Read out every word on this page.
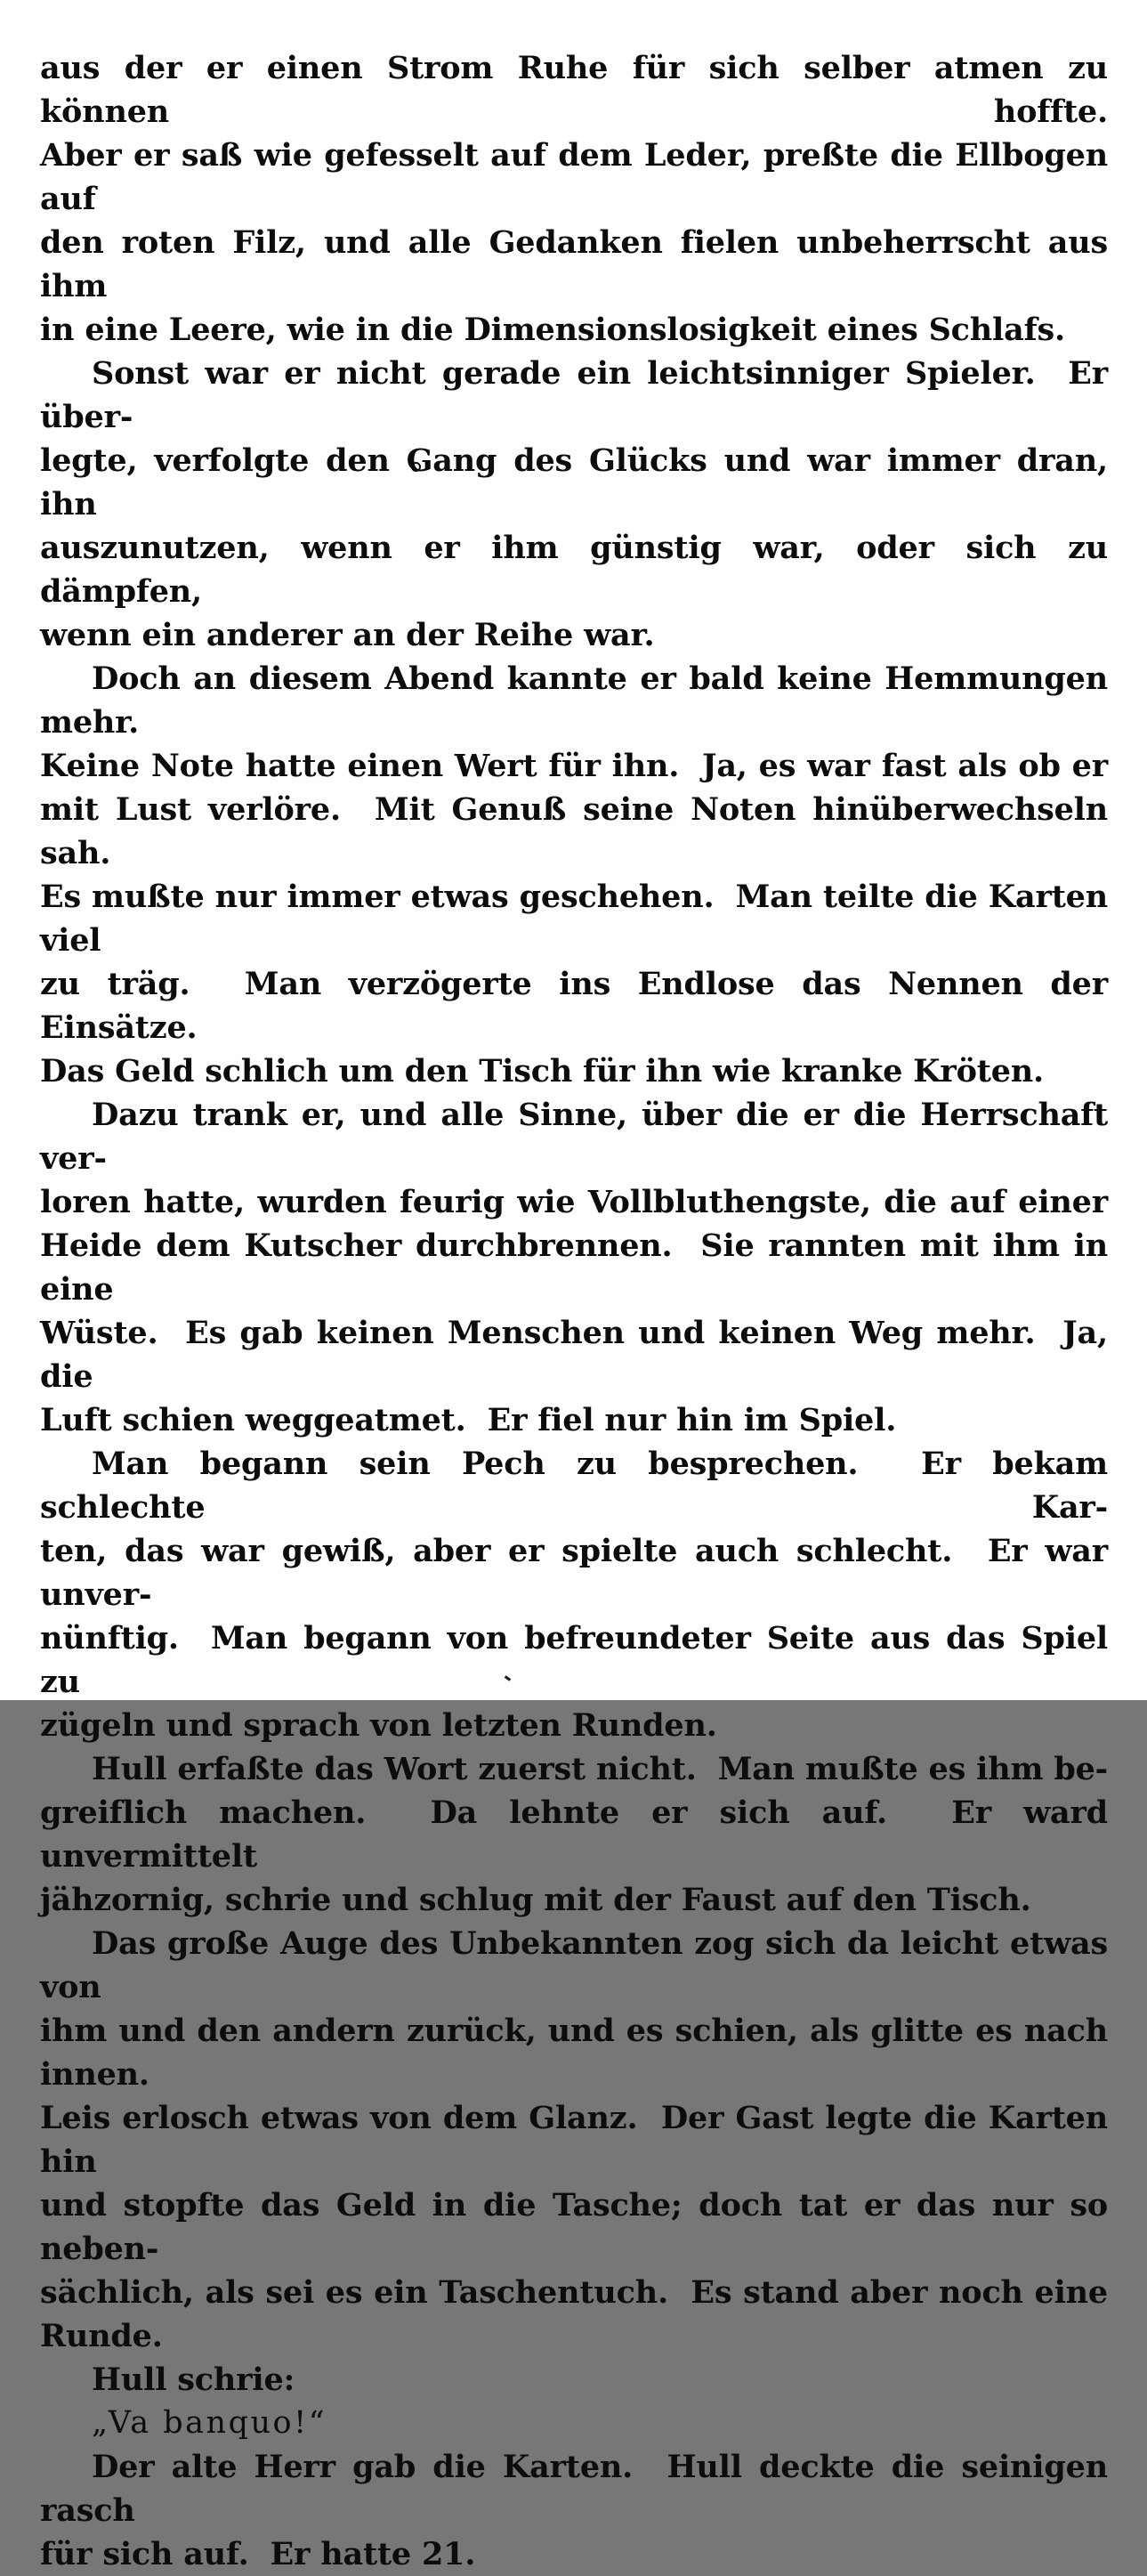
aus der er einen Strom Ruhe für sich selber atmen zu können hoffte.
Aber er saß wie gefesselt auf dem Leder, preßte die Ellbogen auf
den roten Filz, und alle Gedanken fielen unbeherrscht aus ihm
in eine Leere, wie in die Dimensionslosigkeit eines Schlafs.
Sonst war er nicht gerade ein leichtsinniger Spieler.  Er über-
legte, verfolgte den Gang des Glücks und war immer dran, ihn
auszunutzen, wenn er ihm günstig war, oder sich zu dämpfen,
wenn ein anderer an der Reihe war.
Doch an diesem Abend kannte er bald keine Hemmungen mehr.
Keine Note hatte einen Wert für ihn.  Ja, es war fast als ob er
mit Lust verlöre.  Mit Genuß seine Noten hinüberwechseln sah.
Es mußte nur immer etwas geschehen.  Man teilte die Karten viel
zu träg.  Man verzögerte ins Endlose das Nennen der Einsätze.
Das Geld schlich um den Tisch für ihn wie kranke Kröten.
Dazu trank er, und alle Sinne, über die er die Herrschaft ver-
loren hatte, wurden feurig wie Vollbluthengste, die auf einer
Heide dem Kutscher durchbrennen.  Sie rannten mit ihm in eine
Wüste.  Es gab keinen Menschen und keinen Weg mehr.  Ja, die
Luft schien weggeatmet.  Er fiel nur hin im Spiel.
Man begann sein Pech zu besprechen.  Er bekam schlechte Kar-
ten, das war gewiß, aber er spielte auch schlecht.  Er war unver-
nünftig.  Man begann von befreundeter Seite aus das Spiel zu
zügeln und sprach von letzten Runden.
Hull erfaßte das Wort zuerst nicht.  Man mußte es ihm be-
greiflich machen.  Da lehnte er sich auf.  Er ward unvermittelt
jähzornig, schrie und schlug mit der Faust auf den Tisch.
Das große Auge des Unbekannten zog sich da leicht etwas von
ihm und den andern zurück, und es schien, als glitte es nach innen.
Leis erlosch etwas von dem Glanz.  Der Gast legte die Karten hin
und stopfte das Geld in die Tasche; doch tat er das nur so neben-
sächlich, als sei es ein Taschentuch.  Es stand aber noch eine Runde.
Hull schrie:
„Va banquo!“
Der alte Herr gab die Karten.  Hull deckte die seinigen rasch
für sich auf.  Er hatte 21.
